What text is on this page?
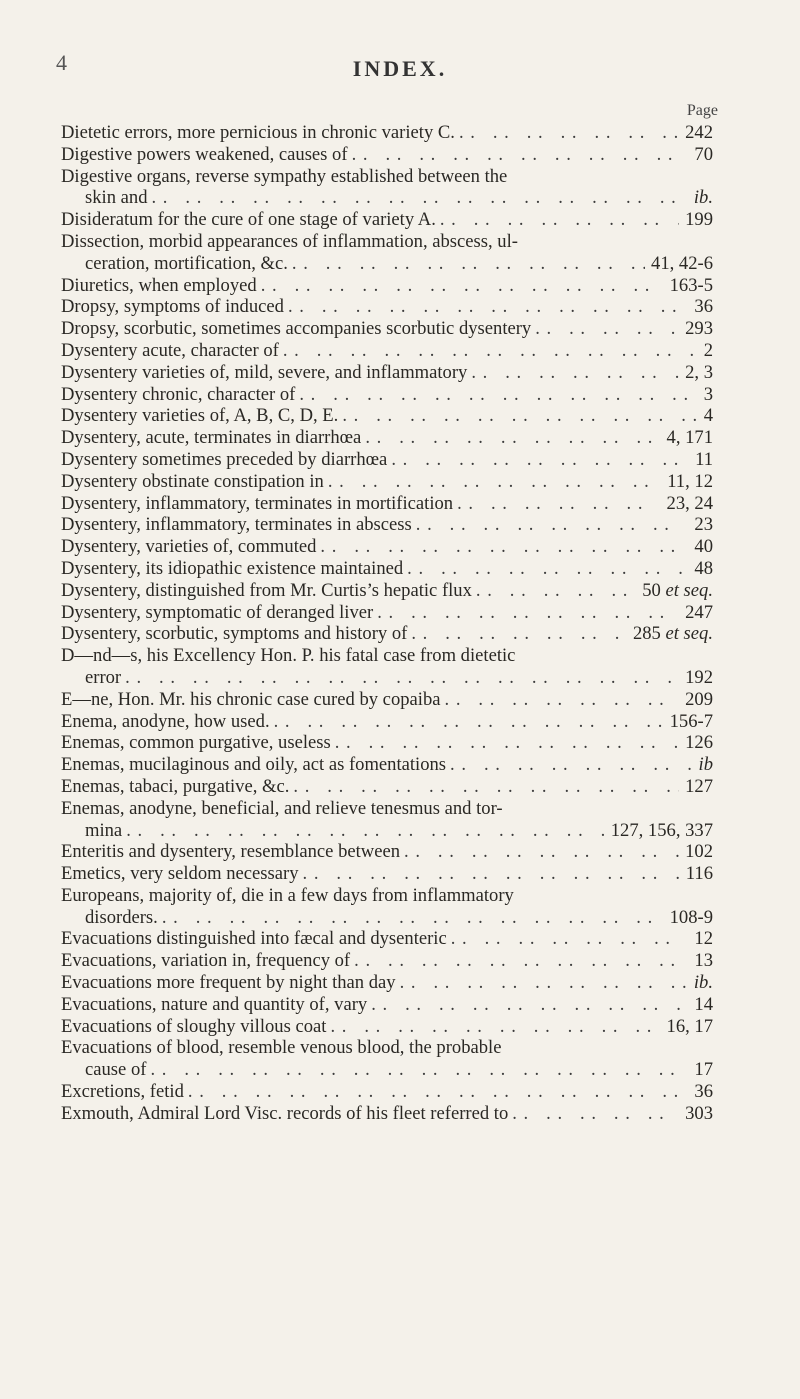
4	INDEX.
Page
Dietetic errors, more pernicious in chronic variety C. . .	242
Digestive powers weakened, causes of . .	70
Digestive organs, reverse sympathy established between the
skin and . .	ib.
Disideratum for the cure of one stage of variety A. . .	199
Dissection, morbid appearances of inflammation, abscess, ul-
ceration, mortification, &c. . .	41, 42-6
Diuretics, when employed . .	163-5
Dropsy, symptoms of induced . .	36
Dropsy, scorbutic, sometimes accompanies scorbutic dysentery . .	293
Dysentery acute, character of . .	2
Dysentery varieties of, mild, severe, and inflammatory . .	2, 3
Dysentery chronic, character of . .	3
Dysentery varieties of, A, B, C, D, E. . .	4
Dysentery, acute, terminates in diarrhœa . .	4, 171
Dysentery sometimes preceded by diarrhœa . .	11
Dysentery obstinate constipation in . .	11, 12
Dysentery, inflammatory, terminates in mortification . .	23, 24
Dysentery, inflammatory, terminates in abscess . .	23
Dysentery, varieties of, commuted . .	40
Dysentery, its idiopathic existence maintained . .	48
Dysentery, distinguished from Mr. Curtis’s hepatic flux . .	50 et seq.
Dysentery, symptomatic of deranged liver . .	247
Dysentery, scorbutic, symptoms and history of . .	285 et seq.
D—nd—s, his Excellency Hon. P. his fatal case from dietetic
error . .	192
E—ne, Hon. Mr. his chronic case cured by copaiba . .	209
Enema, anodyne, how used. . .	156-7
Enemas, common purgative, useless . .	126
Enemas, mucilaginous and oily, act as fomentations . .	ib
Enemas, tabaci, purgative, &c. . .	127
Enemas, anodyne, beneficial, and relieve tenesmus and tor-
mina . .	127, 156, 337
Enteritis and dysentery, resemblance between . .	102
Emetics, very seldom necessary . .	116
Europeans, majority of, die in a few days from inflammatory
disorders. . .	108-9
Evacuations distinguished into fæcal and dysenteric . .	12
Evacuations, variation in, frequency of . .	13
Evacuations more frequent by night than day . .	ib.
Evacuations, nature and quantity of, vary . .	14
Evacuations of sloughy villous coat . .	16, 17
Evacuations of blood, resemble venous blood, the probable
cause of . .	17
Excretions, fetid . .	36
Exmouth, Admiral Lord Visc. records of his fleet referred to . .	303
